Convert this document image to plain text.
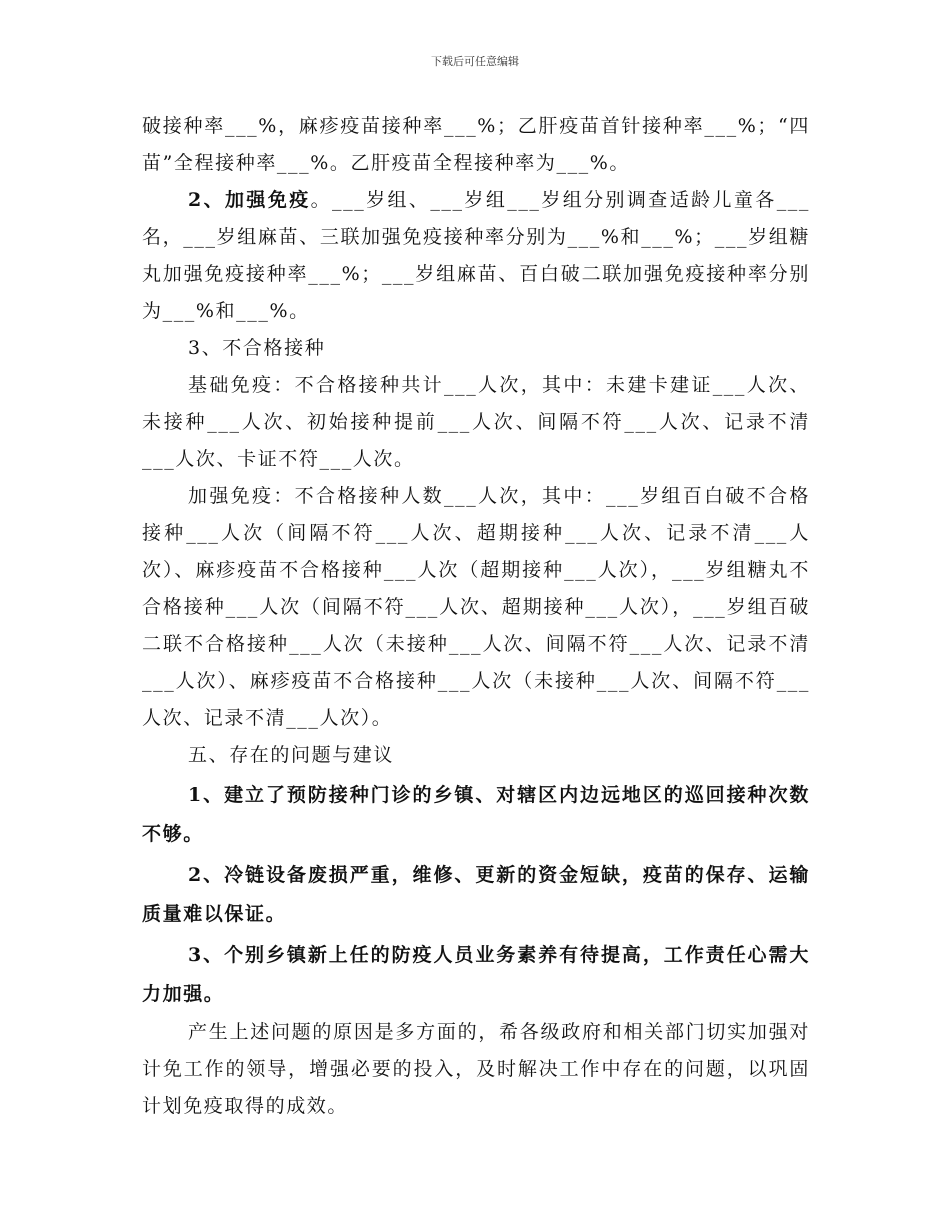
下载后可任意编辑

破接种率___%，麻疹疫苗接种率___%；乙肝疫苗首针接种率___%；“四苗”全程接种率___%。乙肝疫苗全程接种率为___%。

2、加强免疫。___岁组、___岁组___岁组分别调查适龄儿童各___名，___岁组麻苗、三联加强免疫接种率分别为___%和___%；___岁组糖丸加强免疫接种率___%；___岁组麻苗、百白破二联加强免疫接种率分别为___%和___%。

3、不合格接种

基础免疫：不合格接种共计___人次，其中：未建卡建证___人次、未接种___人次、初始接种提前___人次、间隔不符___人次、记录不清___人次、卡证不符___人次。

加强免疫：不合格接种人数___人次，其中：___岁组百白破不合格接种___人次（间隔不符___人次、超期接种___人次、记录不清___人次）、麻疹疫苗不合格接种___人次（超期接种___人次），___岁组糖丸不合格接种___人次（间隔不符___人次、超期接种___人次），___岁组百破二联不合格接种___人次（未接种___人次、间隔不符___人次、记录不清___人次）、麻疹疫苗不合格接种___人次（未接种___人次、间隔不符___人次、记录不清___人次）。

五、存在的问题与建议

1、建立了预防接种门诊的乡镇、对辖区内边远地区的巡回接种次数不够。

2、冷链设备废损严重，维修、更新的资金短缺，疫苗的保存、运输质量难以保证。

3、个别乡镇新上任的防疫人员业务素养有待提高，工作责任心需大力加强。

产生上述问题的原因是多方面的，希各级政府和相关部门切实加强对计免工作的领导，增强必要的投入，及时解决工作中存在的问题，以巩固计划免疫取得的成效。
